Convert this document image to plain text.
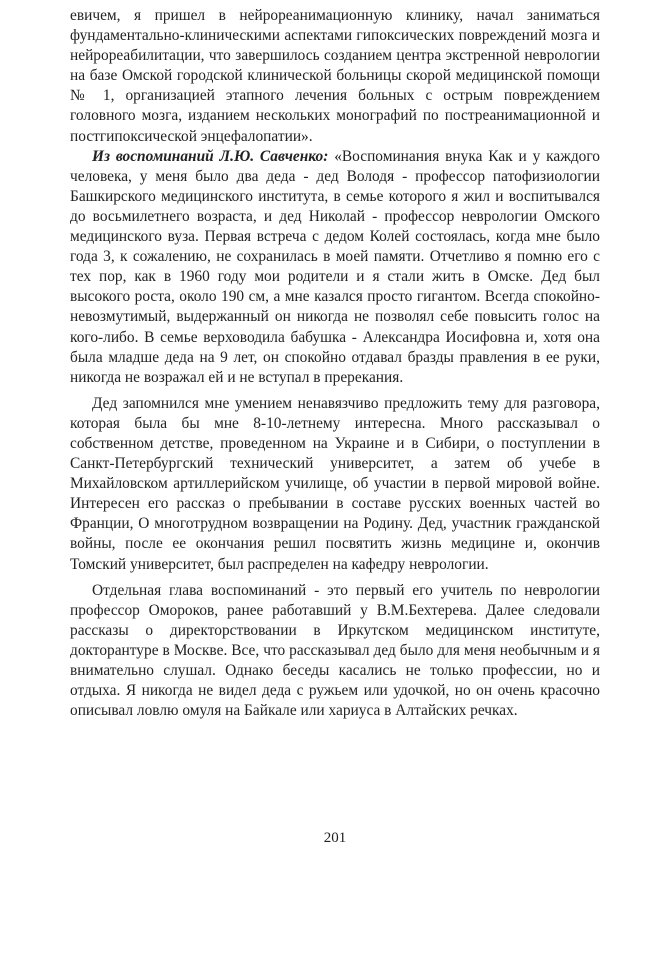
евичем, я пришел в нейрореанимационную клинику, начал заниматься фундаментально-клиническими аспектами гипоксических повреждений мозга и нейрореабилитации, что завершилось созданием центра экстренной неврологии на базе Омской городской клинической больницы скорой медицинской помощи № 1, организацией этапного лечения больных с острым повреждением головного мозга, изданием нескольких монографий по постреанимационной и постгипоксической энцефалопатии».

Из воспоминаний Л.Ю. Савченко: «Воспоминания внука Как и у каждого человека, у меня было два деда - дед Володя - профессор патофизиологии Башкирского медицинского института, в семье которого я жил и воспитывался до восьмилетнего возраста, и дед Николай - профессор неврологии Омского медицинского вуза. Первая встреча с дедом Колей состоялась, когда мне было года 3, к сожалению, не сохранилась в моей памяти. Отчетливо я помню его с тех пор, как в 1960 году мои родители и я стали жить в Омске. Дед был высокого роста, около 190 см, а мне казался просто гигантом. Всегда спокойно-невозмутимый, выдержанный он никогда не позволял себе повысить голос на кого-либо. В семье верховодила бабушка - Александра Иосифовна и, хотя она была младше деда на 9 лет, он спокойно отдавал бразды правления в ее руки, никогда не возражал ей и не вступал в пререкания.

Дед запомнился мне умением ненавязчиво предложить тему для разговора, которая была бы мне 8-10-летнему интересна. Много рассказывал о собственном детстве, проведенном на Украине и в Сибири, о поступлении в Санкт-Петербургский технический университет, а затем об учебе в Михайловском артиллерийском училище, об участии в первой мировой войне. Интересен его рассказ о пребывании в составе русских военных частей во Франции, О многотрудном возвращении на Родину. Дед, участник гражданской войны, после ее окончания решил посвятить жизнь медицине и, окончив Томский университет, был распределен на кафедру неврологии.

Отдельная глава воспоминаний - это первый его учитель по неврологии профессор Омороков, ранее работавший у В.М.Бехтерева. Далее следовали рассказы о директорствовании в Иркутском медицинском институте, докторантуре в Москве. Все, что рассказывал дед было для меня необычным и я внимательно слушал. Однако беседы касались не только профессии, но и отдыха. Я никогда не видел деда с ружьем или удочкой, но он очень красочно описывал ловлю омуля на Байкале или хариуса в Алтайских речках.

201
